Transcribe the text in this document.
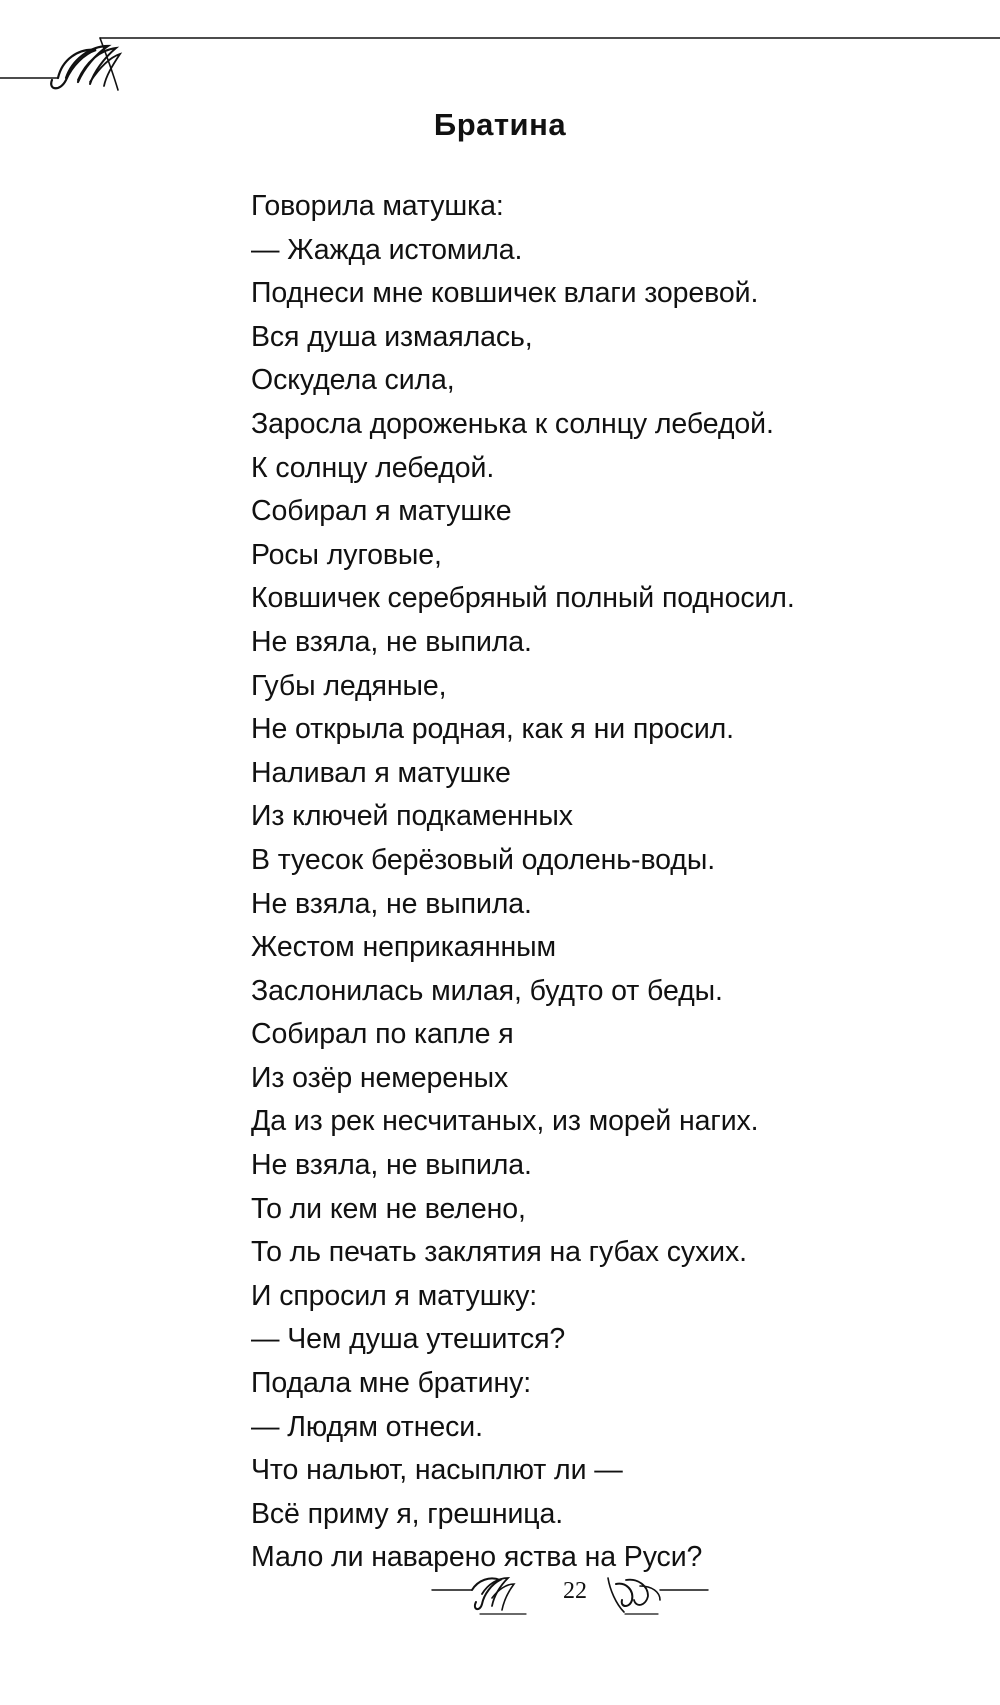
Братина
Говорила матушка:
— Жажда истомила.
Поднеси мне ковшичек влаги зоревой.
Вся душа измаялась,
Оскудела сила,
Заросла дороженька к солнцу лебедой.
К солнцу лебедой.
Собирал я матушке
Росы луговые,
Ковшичек серебряный полный подносил.
Не взяла, не выпила.
Губы ледяные,
Не открыла родная, как я ни просил.
Наливал я матушке
Из ключей подкаменных
В туесок берёзовый одолень-воды.
Не взяла, не выпила.
Жестом неприкаянным
Заслонилась милая, будто от беды.
Собирал по капле я
Из озёр немереных
Да из рек несчитаных, из морей нагих.
Не взяла, не выпила.
То ли кем не велено,
То ль печать заклятия на губах сухих.
И спросил я матушку:
— Чем душа утешится?
Подала мне братину:
— Людям отнеси.
Что нальют, насыплют ли —
Всё приму я, грешница.
Мало ли наварено яства на Руси?
22
